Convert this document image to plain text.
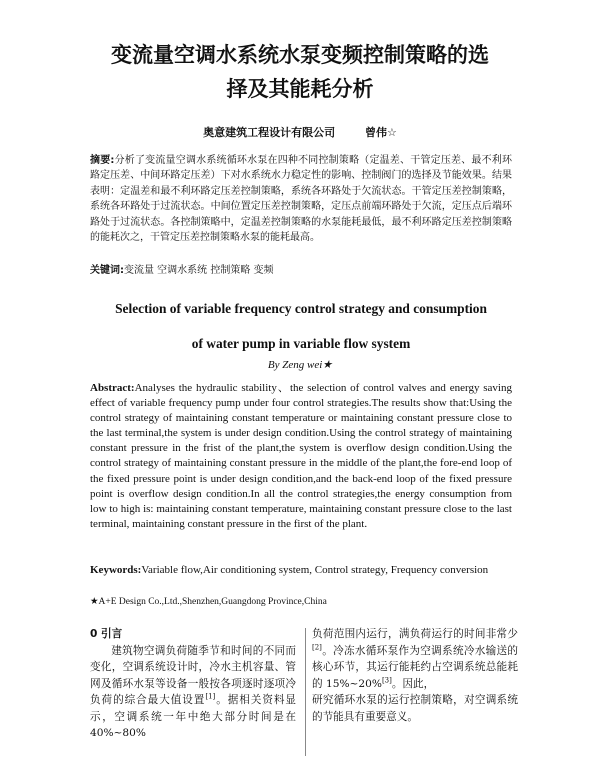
变流量空调水系统水泵变频控制策略的选
择及其能耗分析
奥意建筑工程设计有限公司	曾伟☆
摘要:分析了变流量空调水系统循环水泵在四种不同控制策略（定温差、干管定压差、最不利环路定压差、中间环路定压差）下对水系统水力稳定性的影响、控制阀门的选择及节能效果。结果表明：定温差和最不利环路定压差控制策略，系统各环路处于欠流状态。干管定压差控制策略，系统各环路处于过流状态。中间位置定压差控制策略，定压点前端环路处于欠流，定压点后端环路处于过流状态。各控制策略中，定温差控制策略的水泵能耗最低，最不利环路定压差控制策略的能耗次之，干管定压差控制策略水泵的能耗最高。
关键词:变流量 空调水系统 控制策略 变频
Selection of variable frequency control strategy and consumption
of water pump in variable flow system
By Zeng wei★
Abstract:Analyses the hydraulic stability、the selection of control valves and energy saving effect of variable frequency pump under four control strategies.The results show that:Using the control strategy of maintaining constant temperature or maintaining constant pressure close to the last terminal,the system is under design condition.Using the control strategy of maintaining constant pressure in the frist of the plant,the system is overflow design condition.Using the control strategy of maintaining constant pressure in the middle of the plant,the fore-end loop of the fixed pressure point is under design condition,and the back-end loop of the fixed pressure point is overflow design condition.In all the control strategies,the energy consumption from low to high is: maintaining constant temperature, maintaining constant pressure close to the last terminal, maintaining constant pressure in the first of the plant.
Keywords:Variable flow,Air conditioning system, Control strategy, Frequency conversion
★A+E Design Co.,Ltd.,Shenzhen,Guangdong Province,China
0 引言
建筑物空调负荷随季节和时间的不同而变化，空调系统设计时，冷水主机容量、管网及循环水泵等设备一般按各项逐时逐项冷负荷的综合最大值设置[1]。据相关资料显示，空调系统一年中绝大部分时间是在 40%~80%
负荷范围内运行，满负荷运行的时间非常少[2]。冷冻水循环泵作为空调系统冷水输送的核心环节，其运行能耗约占空调系统总能耗的 15%~20%[3]。因此，
研究循环水泵的运行控制策略，对空调系统的节能具有重要意义。
